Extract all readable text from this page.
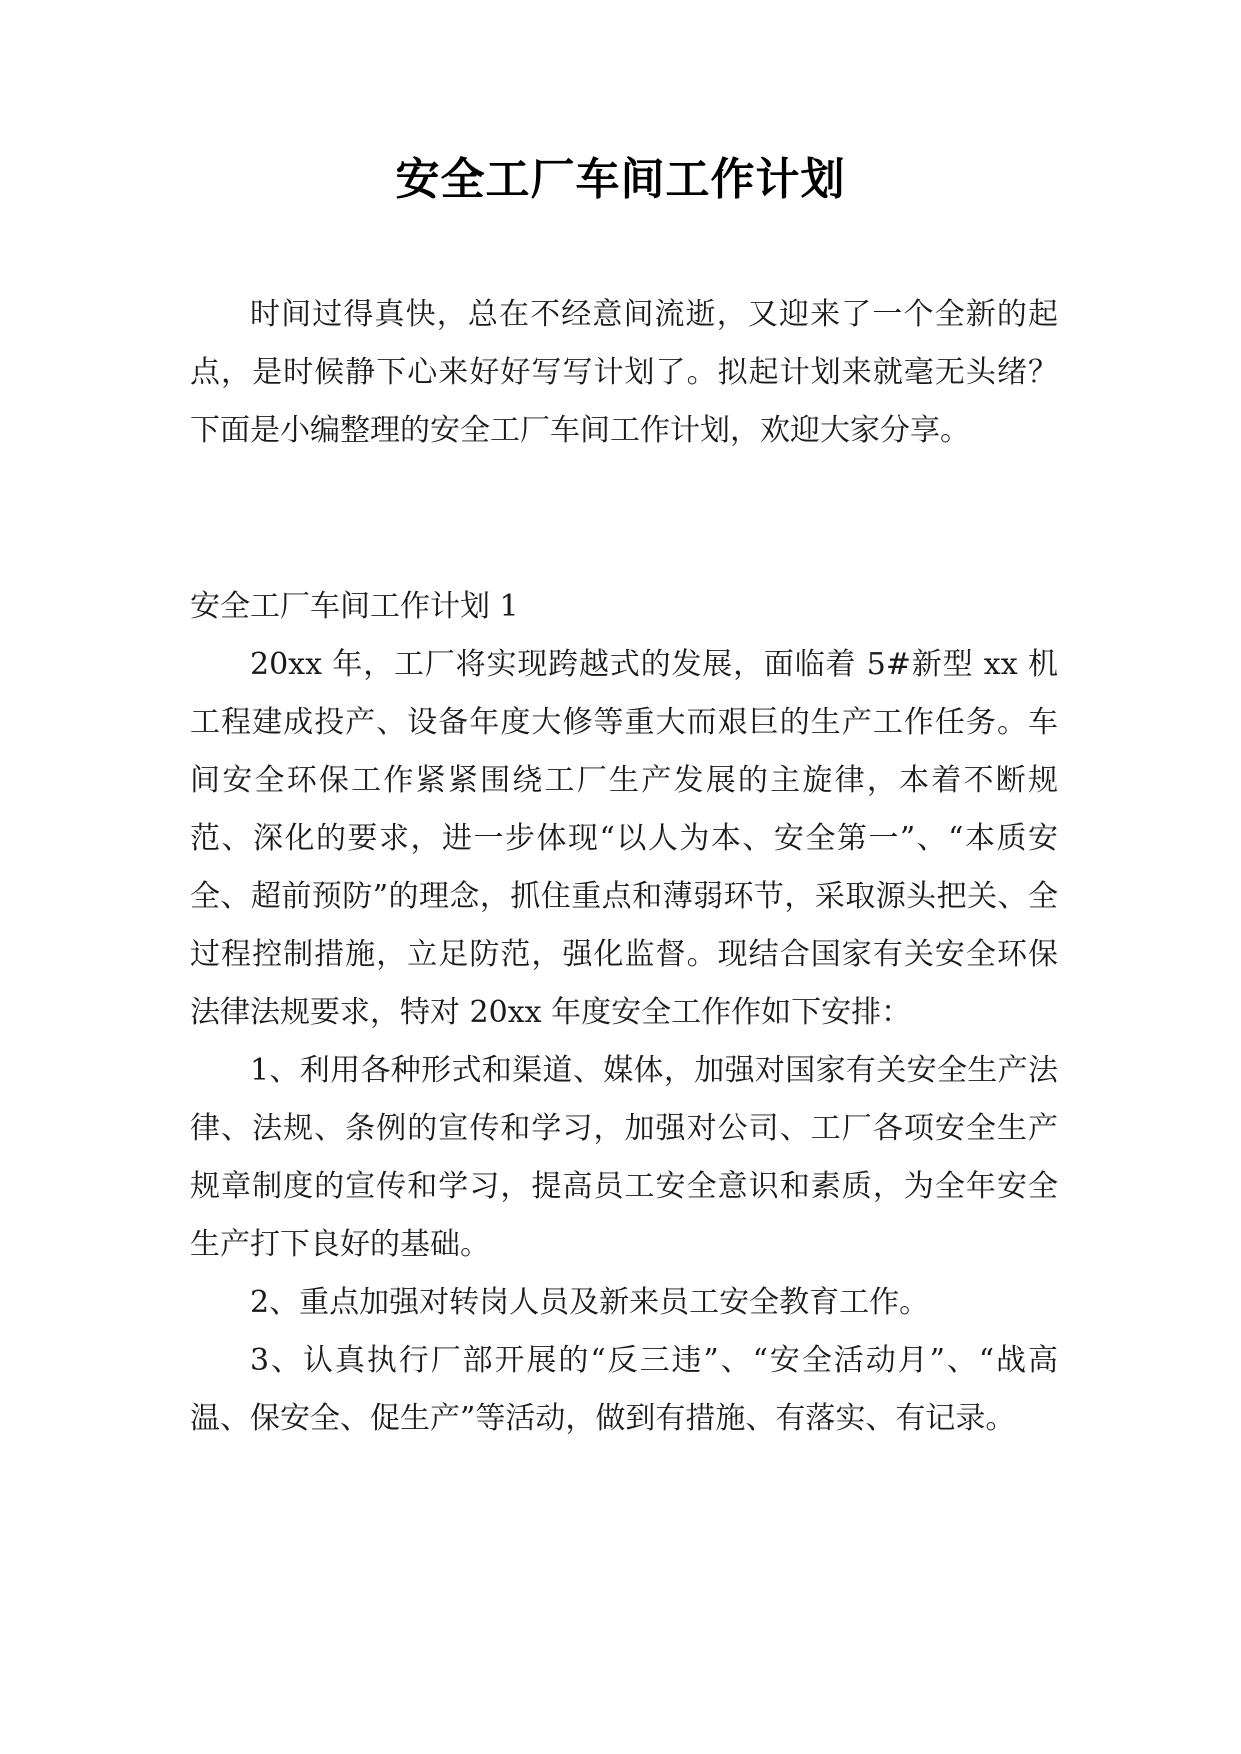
安全工厂车间工作计划

时间过得真快，总在不经意间流逝，又迎来了一个全新的起点，是时候静下心来好好写写计划了。拟起计划来就毫无头绪？下面是小编整理的安全工厂车间工作计划，欢迎大家分享。

安全工厂车间工作计划 1

20xx 年，工厂将实现跨越式的发展，面临着 5#新型 xx 机工程建成投产、设备年度大修等重大而艰巨的生产工作任务。车间安全环保工作紧紧围绕工厂生产发展的主旋律，本着不断规范、深化的要求，进一步体现“以人为本、安全第一”、“本质安全、超前预防”的理念，抓住重点和薄弱环节，采取源头把关、全过程控制措施，立足防范，强化监督。现结合国家有关安全环保法律法规要求，特对 20xx 年度安全工作作如下安排：

1、利用各种形式和渠道、媒体，加强对国家有关安全生产法律、法规、条例的宣传和学习，加强对公司、工厂各项安全生产规章制度的宣传和学习，提高员工安全意识和素质，为全年安全生产打下良好的基础。

2、重点加强对转岗人员及新来员工安全教育工作。

3、认真执行厂部开展的“反三违”、“安全活动月”、“战高温、保安全、促生产”等活动，做到有措施、有落实、有记录。
